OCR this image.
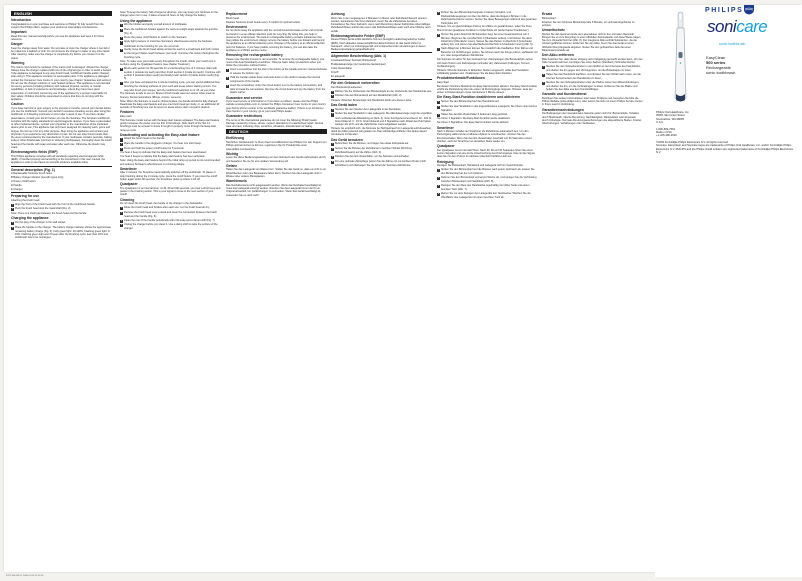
ENGLISH
Introduction
Congratulations on your purchase and welcome to Philips! To fully benefit from the support that Philips offers, register your product at www.philips.com/welcome.
Important
Read this user manual carefully before you use the appliance and save it for future reference.
Danger
Keep the charger away from water. Do not place or store the charger where it can fall or be pulled into a bathtub or sink. Do not immerse the charger in water or any other liquid. After cleaning, make sure the charger is completely dry before you connect it to the mains.
Warning
The mains cord cannot be replaced. If the mains cord is damaged, discard the charger. Always have the charger replaced with one of the original type in order to avoid a hazard. If the appliance is damaged in any way (brush head, toothbrush handle and/or charger), stop using it. This appliance contains no serviceable parts. If the appliance is damaged, contact the Consumer Care Centre in your country (see chapter 'Guarantee and service'). Do not use the charger outdoors or near heated surfaces. This appliance is not intended for use by persons (including children) with reduced physical, sensory or mental capabilities, or lack of experience and knowledge, unless they have been given supervision or instruction concerning use of the appliance by a person responsible for their safety. Children should be supervised to ensure that they do not play with the appliance.
Caution
If you have had oral or gum surgery in the previous 2 months, consult your dentist before you use the toothbrush. Consult your dentist if excessive bleeding occurs after using this toothbrush or if bleeding continues to occur after 1 week of use. If you have cardiac pacemakers, consult your doctor before you use the Sonicare. The Sonicare toothbrush complies with the safety standards for electromagnetic devices. If you have a pacemaker or other implanted device, contact your physician or the manufacturer of the implanted device prior to use. This appliance has only been designed for cleaning teeth, gums and tongue. Do not use it for any other purpose. Stop using the appliance and contact your physician if you experience any discomfort or pain. Do not use other brush heads than the ones recommended by the manufacturer. If your toothpaste contains peroxide, baking soda or other bicarbonate (common in whitening toothpastes), thoroughly clean the brush head and the handle with soap and water after each use. Otherwise the plastic may crack.
Electromagnetic fields (EMF)
This Philips appliance complies with all standards regarding electromagnetic fields (EMF). If handled properly and according to the instructions in this user manual, the appliance is safe to use based on scientific evidence available today.
General description (Fig. 1)
A Replaceable Sonicare brush head
B Battery charge indicator (specific types only)
C Power on/off button
D Handle
E Charger
Preparing for use
Attaching the brush head
1 Align the front of the brush head with the front of the toothbrush handle.
2 Push the brush head onto the metal shaft (Fig. 2).
Note: There is a small gap between the brush head and the handle.
Charging the appliance
1 Put the plug of the charger in the wall socket.
2 Place the handle on the charger. The battery charge indicator shows the approximate remaining battery charge (Fig. 3). Fully green light: 20-100%. Flashing green light: 0-19%. Flashing green light and 3 beeps after the brushing cycle: less than 10% and toothbrush has to be recharged.
Note: To keep the battery fully charged at all times, you may keep your Sonicare on the charger when not in use. It takes at least 24 hours to fully charge the battery.
Using the appliance
1 Wet the bristles and apply a small amount of toothpaste.
2 Place the toothbrush bristles against the teeth at a slight angle towards the gumline (Fig. 4).
3 Press the power on/off button to switch on the Sonicare.
4 Apply light pressure to maximise Sonicare's effectiveness and let the Sonicare toothbrush do the brushing for you. Do not scrub.
5 Gently move the brush head slowly across the teeth in a small back and forth motion so the longer bristles reach between your teeth. Continue this motion throughout the brushing cycle.
Note: To make sure you brush evenly throughout the mouth, divide your mouth into 4 sections using the Quadpacer feature (see chapter 'Features').
6 Brush each section for 30 seconds for a total brushing time of 2 minutes. Start with section 1 (outside top teeth) and then brush section 2 (inside top teeth). Continue with section 3 (outside bottom teeth) and finally brush section 4 (inside bottom teeth) (Fig. 5).
7 After you have completed the 2-minute brushing cycle, you can spend additional time brushing the chewing surfaces of your teeth and areas where staining occurs. You may also brush your tongue, with the toothbrush switched on or off, as you prefer.
The Sonicare is safe to use on: Braces (brush heads wear out sooner when used on braces). Dental restorations (fillings, crowns, veneers).
Note: When the Sonicare is used in clinical studies, the handle should be fully charged. Deactivate the Easy-start feature and use one brush head per study, or, an additional 10 seconds of brushing time can be spent on areas where stain removal is desired.
Features
Easy-start
This Sonicare model comes with the Easy-start feature activated. The Easy-start feature gently increases the power over the first 14 brushings. Note: Each of the first 14 brushings must be at least 1 minute in length to properly move through the Easy-start ramp-up cycle.
Deactivating and activating the Easy-start feature
1 Attach the brush head to the handle.
2 Place the handle in the plugged-in charger. You hear one short beep.
3 Press and hold the power on/off button for 5 seconds.
You hear 1 beep to indicate that the Easy-start feature has been deactivated.
You hear 2 beeps to indicate that the Easy-start feature has been activated.
Note: Using the Easy-start feature beyond the initial ramp-up period is not recommended and reduces Sonicare's effectiveness in removing plaque.
Smartimer
After 2 minutes, the Smartimer automatically switches off the toothbrush. To pause or stop brushing during the 2-minute cycle, press the on/off button. If you press the on/off button again within 30 seconds, the Smartimer picks up where it left off.
Quadpacer
The Quadpacer is an interval timer. At 30, 60 and 90 seconds, you hear a short beep and pause in the brushing action. This is your signal to move to the next section of your mouth.
Cleaning
Do not clean the brush head, the handle or the charger in the dishwasher.
1 Rinse the brush head and bristles after each use. Let the brush head air dry.
2 Remove the brush head once a week and clean the connection between the brush head and the handle (Fig. 6).
3 Clean the rest of the handle periodically with mild soap and a damp cloth (Fig. 7).
4 Unplug the charger before you clean it. Use a damp cloth to wipe the surface of the charger.
Replacement
Brush head
Replace Sonicare brush heads every 3 months for optimal results.
Environment
Do not throw away the appliance with the normal household waste at the end of its life, but hand it in at an official collection point for recycling. By doing this, you help to preserve the environment. The built-in rechargeable battery contains substances that may pollute the environment. Always remove the battery before you discard and hand in the appliance at an official collection point. Dispose of the battery at an official collection point for batteries. If you have trouble removing the battery, you can also take the appliance to a Philips service centre.
Removing the rechargeable battery
Please note that this process is not reversible. To remove the rechargeable battery, you need a flat-head (standard) screwdriver. Observe basic safety precautions when you follow the procedure outlined below.
1 Insert a screwdriver into the slot in the bottom of the handle and turn counterclockwise to release the bottom cap.
2 Hold the handle upside down and push down on the shaft to release the internal components of the handle.
3 Insert the screwdriver under the circuit board, next to the battery connections, and twist to break the connections. Remove the circuit board and pry the battery from the plastic carrier.
Guarantee and service
If you need service or information or if you have a problem, please visit the Philips website at www.philips.com or contact the Philips Consumer Care Centre in your country (you find its phone number in the worldwide guarantee leaflet). If there is no Consumer Care Centre in your country, go to your local Philips dealer.
Guarantee restrictions
The terms of the international guarantee do not cover the following: Brush heads. Damage caused by misuse, abuse, neglect, alterations or unauthorised repair. Normal wear and tear, including chips, scratches, abrasions, discolouration or fading.
DEUTSCH
Einführung
Herzlichen Glückwunsch zu Ihrem Kauf und willkommen bei Philips! Um den Support von Philips optimal nutzen zu können, registrieren Sie Ihr Produkt bitte unter www.philips.com/welcome.
Wichtig
Lesen Sie diese Bedienungsanleitung vor dem Gebrauch des Geräts aufmerksam durch, und bewahren Sie sie für eine spätere Verwendung auf.
Gefahr
Halten Sie das Ladegerät von Wasser fern. Stellen Sie das Gerät so, dass es nicht in ein Waschbecken oder eine Badewanne fallen kann. Tauchen Sie das Ladegerät nicht in Wasser oder andere Flüssigkeiten.
Warnhinweis
Das Netzkabel kann nicht ausgetauscht werden. Wenn das Netzkabel beschädigt ist, muss das Ladegerät entsorgt werden. Ersetzen Sie das Ladegerät immer durch ein Original-Ersatzteil, um Gefährdungen zu vermeiden. Wenn das Gerät beschädigt ist, verwenden Sie es nicht mehr.
Achtung
Wenn Sie in den vergangenen 2 Monaten im Mund- oder Zahnfleischbereich operiert wurden, konsultieren Sie Ihren Zahnarzt, bevor Sie die Zahnbürste benutzen. Konsultieren Sie Ihren Zahnarzt, wenn nach Benutzung dieser Zahnbürste übermäßiges Zahnfleischbluten auftritt oder wenn das Zahnfleischbluten auch nach einer Woche noch anhält.
Elektromagnetische Felder (EMF)
Dieses Philips Gerät erfüllt sämtliche Normen bezüglich elektromagnetischer Felder (EMF). Nach aktuellen wissenschaftlichen Erkenntnissen ist das Gerät sicher im Gebrauch, sofern es ordnungsgemäß und entsprechend den Anweisungen in dieser Bedienungsanleitung gehandhabt wird.
Allgemeine Beschreibung (Abb. 1)
A Austauschbarer Sonicare Bürstenkopf
B Akkuladeanzeige (nur bestimmte Gerätetypen)
C Ein-/Ausschalter
D Griff
E Ladegerät
Für den Gebrauch vorbereiten
Den Bürstenkopf aufsetzen
1 Richten Sie die Vorderseite des Bürstenkopfs an der Vorderseite des Handstücks aus.
2 Drücken Sie den Bürstenkopf auf den Metallschaft (Abb. 2).
Hinweis: Zwischen Bürstenkopf und Handstück bleibt eine kleine Lücke.
Das Gerät laden
1 Stecken Sie den Stecker des Ladegeräts in die Steckdose.
2 Stellen Sie das Handstück in das Ladegerät. Die Akkuladeanzeige zeigt die ungefähre noch verbleibende Akkuladung an (Abb. 3). Grün durchgehend leuchtend: 20 - 100 %. Grün blinkend: 0 - 19 %. Grün blinkend und 3 Signaltöne nach Ablauf des Putzzyklus: weniger als 10 % und die Zahnbürste muss aufgeladen werden.
Hinweis: Es empfiehlt sich, die Sonicare bei Nichtgebrauch im Ladegerät aufzubewahren, damit der Akku jederzeit voll geladen ist. Das vollständige Aufladen des Akkus dauert mindestens 24 Stunden.
Das Gerät benutzen
1 Befeuchten Sie die Borsten, und tragen Sie etwas Zahnpasta auf.
2 Setzen Sie die Borsten der Zahnbürste in leichtem Winkel (Richtung Zahnfleischsaum) auf die Zähne (Abb. 4).
3 Drücken Sie den Ein-/Ausschalter, um die Sonicare einzuschalten.
4 Für eine optimale Zahnpflege putzen Sie die Zähne mit nur leichtem Druck (nicht schrubben) und überlassen Sie die Arbeit der Sonicare Zahnbürste.
5 Führen Sie den Bürstenkopf langsam in kleinen Vorwärts- und Rückwärtsbewegungen so über die Zähne, dass die längeren Borsten in die Zahnzwischenräume reichen. Setzen Sie diese Bewegungen während des gesamten Putzzyklus fort.
Hinweis: Um ein gleichmäßiges Putzen der Zähne zu gewährleisten, teilen Sie Ihren Mund mit der Quadpacer-Funktion in 4 Abschnitte ein (siehe Kapitel 'Funktionen').
6 Putzen Sie jeden Abschnitt 30 Sekunden lang; bei einer Gesamtputzzeit von 2 Minuten. Beginnen Sie mit Abschnitt 1 (Oberkiefer außen), und bürsten Sie dann Abschnitt 2 (Oberkiefer innen). Setzen Sie das Putzen in Abschnitt 3 (Unterkiefer außen) fort, und putzen Sie abschließend Abschnitt 4 (Unterkiefer innen) (Abb. 5).
7 Nach Ablauf der 2-Minuten können Sie zusätzlich die Kauflächen Ihrer Zähne und Bereiche mit Verfärbungen putzen. Sie können auch die Zunge putzen, wahlweise mit ein- oder ausgeschalteter Zahnbürste.
Die Sonicare ist sicher für den Gebrauch bei: Zahnspangen (die Bürstenköpfe nutzen sich beim Putzen von Zahnspangen schneller ab). Zahnersatz (Füllungen, Kronen, Verblendungen).
Hinweis: Wird die Sonicare in klinischen Studien eingesetzt, sollte das Handstück vollständig geladen sein. Deaktivieren Sie die Easy-Start-Funktion.
Produktmerkmale/Funktionen
Easy-Start
Bei diesem Sonicare Modell ist die Easy-Start-Funktion aktiviert. Die Easy-Start-Funktion erhöht die Putzleistung über die ersten 14 Putzvorgänge langsam. Hinweis: Jede der ersten 14 Anwendungen muss mindestens 1 Minute dauern.
Die Easy-Start-Funktion deaktivieren und aktivieren
1 Setzen Sie den Bürstenkopf auf das Handstück auf.
2 Stellen Sie das Handstück in das angeschlossene Ladegerät. Sie hören einen kurzen Signalton.
3 Halten Sie den Ein-/Ausschalter 5 Sekunden lang gedrückt.
Sie hören 1 Signalton: Die Easy-Start-Funktion wurde deaktiviert.
Sie hören 2 Signaltöne: Die Easy-Start-Funktion wurde aktiviert.
Smartimer
Nach 2 Minuten schaltet der Smartimer die Zahnbürste automatisch aus. Um den Putzvorgang während des 2-Minuten-Zyklus zu unterbrechen, drücken Sie den Ein-/Ausschalter. Wenn Sie den Ein-/Ausschalter innerhalb von 30 Sekunden erneut drücken, setzt der Smartimer an derselben Stelle wieder ein.
Quadpacer
Der Quadpacer ist ein Intervall-Timer. Nach 30, 60 und 90 Sekunden hören Sie einen kurzen Signalton und eine kurze Unterbrechung des Putzvorgangs. Dies ist das Signal, dass Sie mit dem Putzen im nächsten Abschnitt fortfahren können.
Reinigung
Reinigen Sie Bürstenkopf, Handstück und Ladegerät nicht im Geschirrspüler.
1 Spülen Sie den Bürstenkopf und die Borsten nach jedem Gebrauch ab. Lassen Sie den Bürstenkopf an der Luft trocknen.
2 Nehmen Sie den Bürstenkopf einmal pro Woche ab, und reinigen Sie die Verbindung zwischen Bürstenkopf und Handstück (Abb. 6).
3 Reinigen Sie den Rest des Handstücks regelmäßig mit milder Seife und einem feuchten Tuch (Abb. 7).
4 Ziehen Sie vor dem Reinigen des Ladegeräts den Netzstecker. Wischen Sie die Oberfläche des Ladegeräts mit einem feuchten Tuch ab.
Ersatz
Bürstenkopf
Ersetzen Sie den Sonicare Bürstenkopf alle 3 Monate, um optimale Ergebnisse zu erzielen.
Umweltschutz
Werfen Sie das Gerät am Ende der Lebensdauer nicht in den normalen Hausmüll. Bringen Sie es zum Recycling zu einer offiziellen Sammelstelle. Auf diese Weise tragen Sie zum Umweltschutz bei (Abb. 8). Der integrierte Akku enthält Substanzen, die die Umwelt gefährden können. Entfernen Sie den Akku, bevor Sie das Gerät an einer offiziellen Recyclingstelle abgeben. Geben Sie den gebrauchten Akku bei einer Batteriesammelstelle ab.
Den Akku entfernen
Bitte beachten Sie, dass dieser Vorgang nicht rückgängig gemacht werden kann. Um den Akku herauszunehmen, benötigen Sie einen flachen (Standard-) Schraubendreher.
1 Stecken Sie den Schraubendreher in den Schlitz an der Unterseite des Handstücks, und drehen Sie ihn gegen den Uhrzeigersinn, um die Bodenkappe zu lösen.
2 Halten Sie das Handstück kopfüber, und drücken Sie den Schaft nach unten, um die internen Komponenten des Handstücks zu lösen.
3 Stecken Sie den Schraubendreher unter die Platine neben den Akkuverbindungen, und drehen Sie ihn, um die Verbindungen zu lösen. Entfernen Sie die Platine und hebeln Sie den Akku aus dem Kunststoffträger.
Garantie und Kundendienst
Benötigen Sie weitere Informationen oder treten Probleme auf, besuchen Sie bitte die Philips Website (www.philips.com), oder setzen Sie sich mit einem Philips Service-Center in Ihrem Land in Verbindung.
Garantieeinschränkungen
Die Bedingungen der internationalen Garantie gelten nicht für: Bürstenköpfe. Schäden durch Missbrauch, falsche Benutzung, Nachlässigkeit, Manipulation oder Reparatur durch Unbefugte. Normale Abnutzungserscheinungen wie abgesplitterte Stellen, Kratzer, Abschürfungen, Verfärbungen oder Verblassen.
PHILIPS
sonicare
sonic toothbrush
EasyClean
500 series
Rechargeable
sonic toothbrush
Philips Oral Healthcare, Inc.
35301 SE Center Street
Snoqualmie, WA 98065
U.S.A.
1-800-682-7664
Made in USA
+1-425-396-2000
©2009 Koninklijke Philips Electronics N.V. All rights reserved.
Sonicare, EasyClean and Sonicare logos are trademarks of Philips Oral Healthcare, Inc. and/or Koninklijke Philips Electronics N.V. PHILIPS and the Philips shield emblem are registered trademarks of Koninklijke Philips Electronics N.V.
4222.100.0510.1 2006-07-05 12:21:03
